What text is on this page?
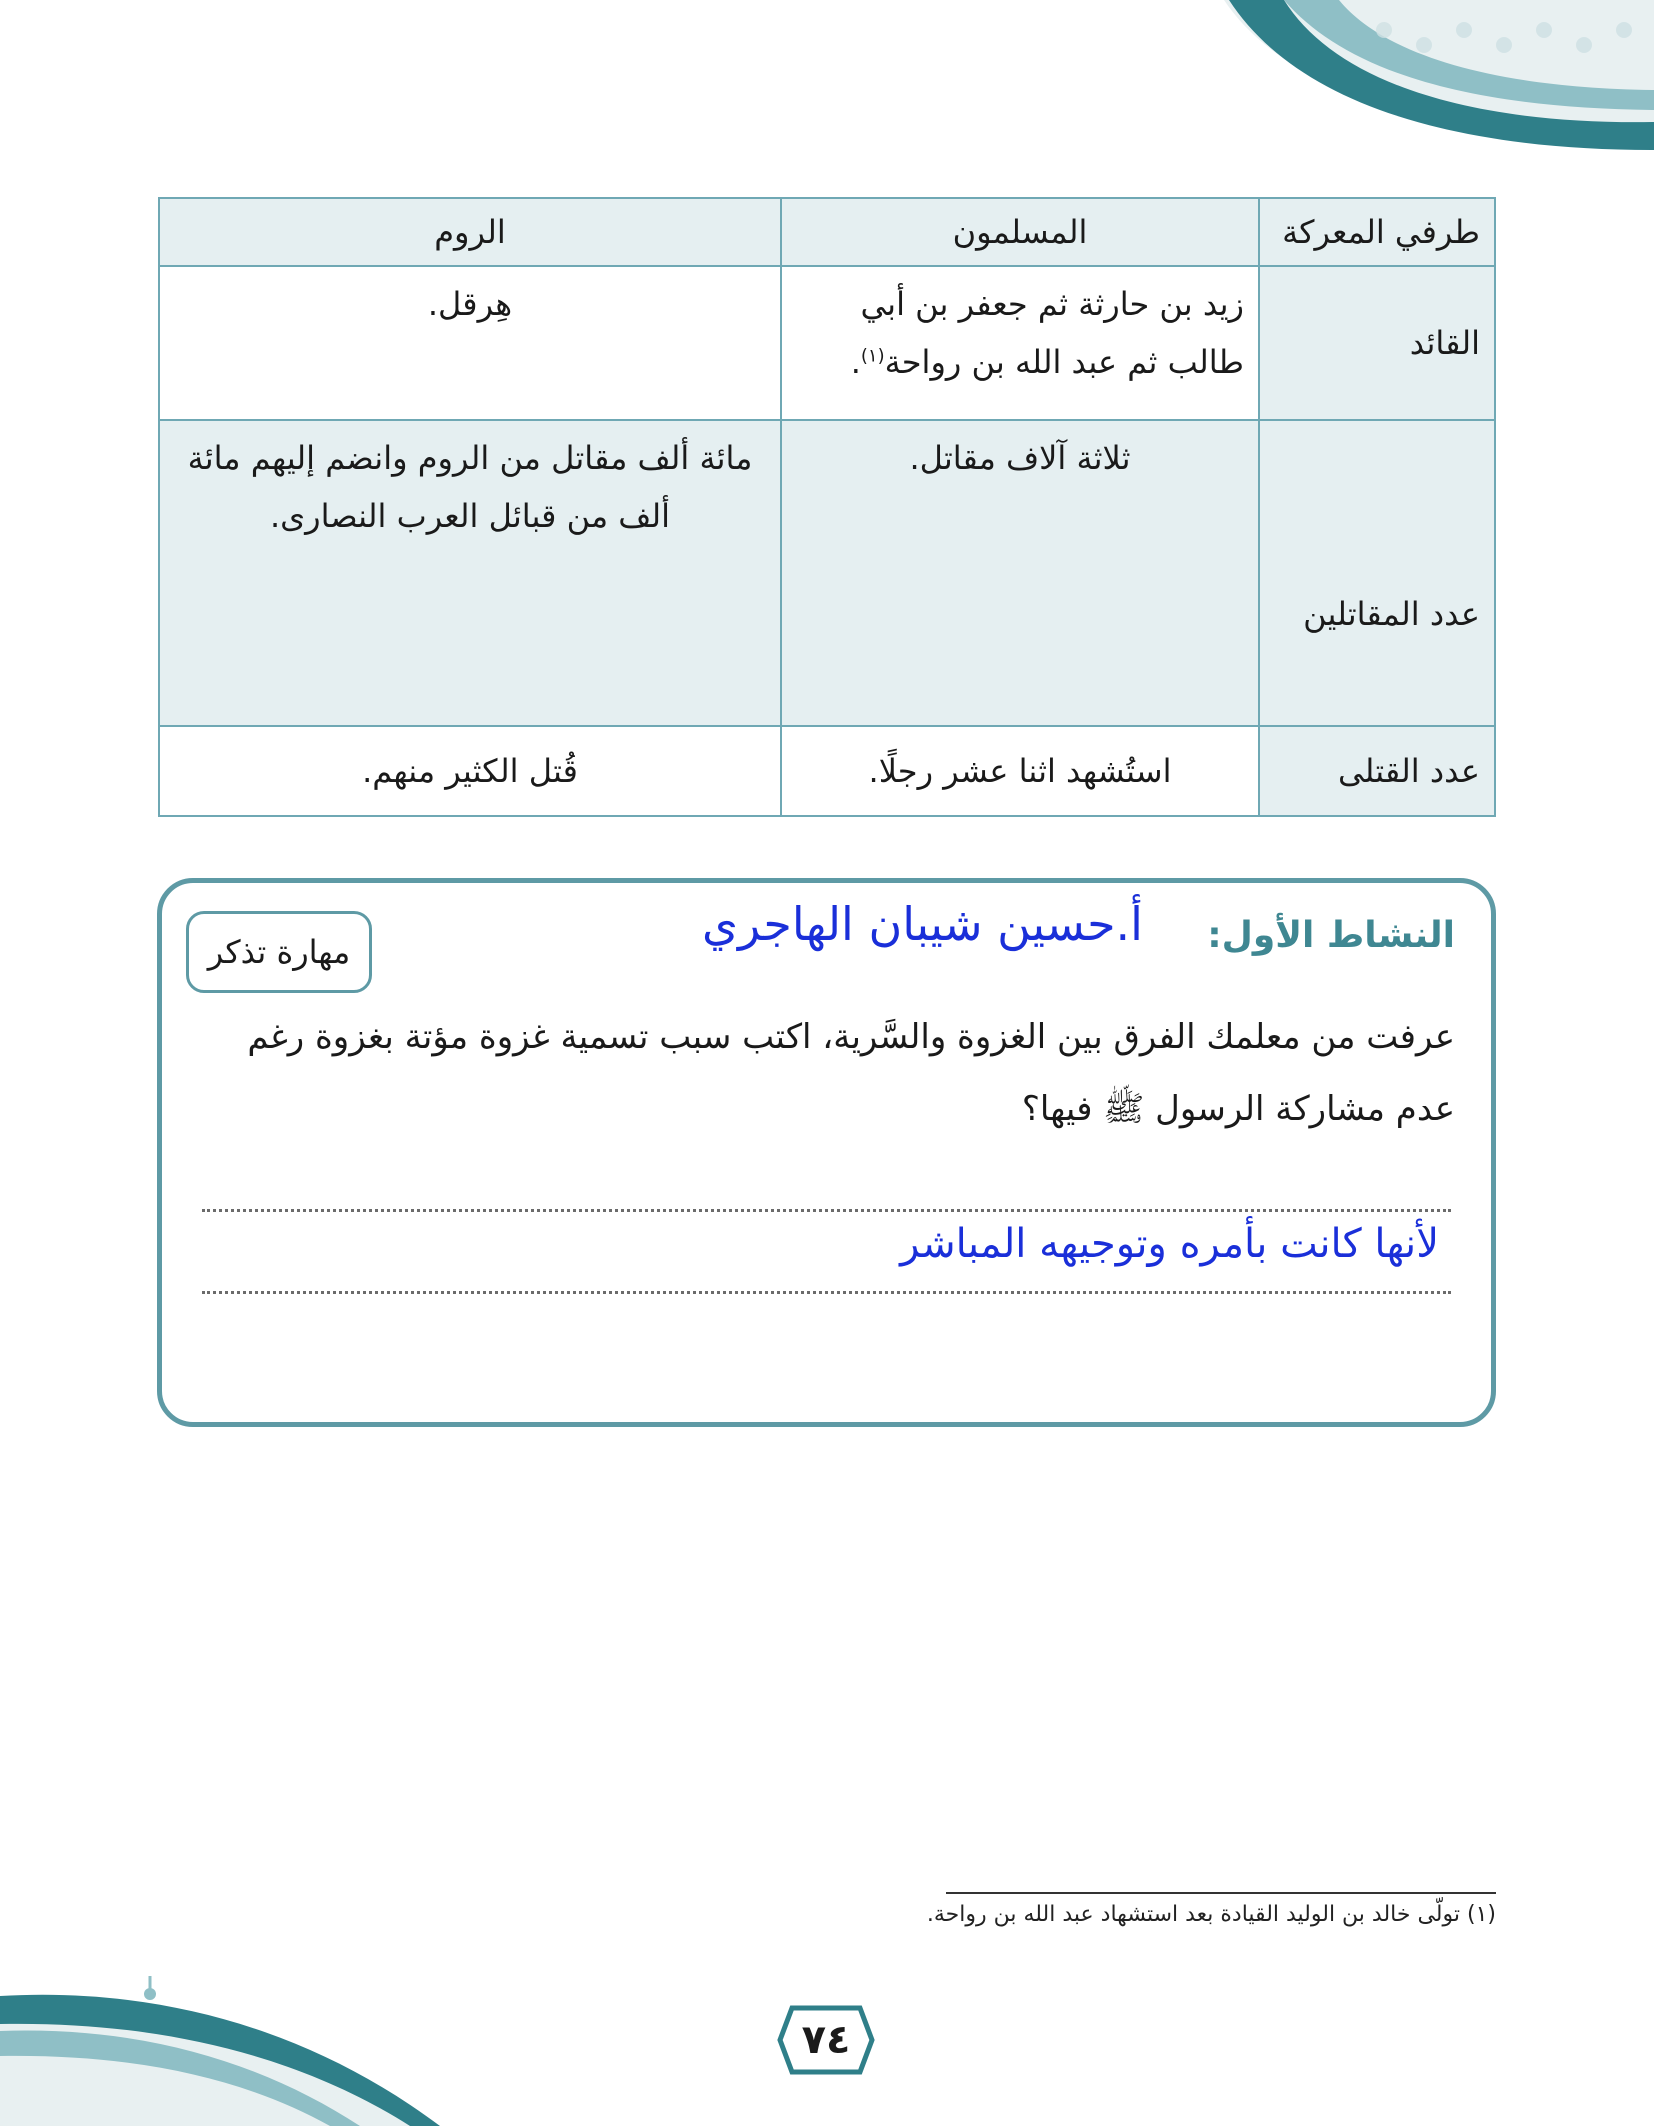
طرفي المعركة	المسلمون	الروم
القائد	زيد بن حارثة ثم جعفر بن أبي طالب ثم عبد الله بن رواحة$^{(١)}$.	هِرقل.
عدد المقاتلين	ثلاثة آلاف مقاتل.	مائة ألف مقاتل من الروم وانضم إليهم مائة ألف من قبائل العرب النصارى.
عدد القتلى	استُشهد اثنا عشر رجلًا.	قُتل الكثير منهم.
النشاط الأول:
أ.حسين شيبان الهاجري
مهارة تذكر
عرفت من معلمك الفرق بين الغزوة والسَّرية، اكتب سبب تسمية غزوة مؤتة بغزوة رغم عدم مشاركة الرسول ﷺ فيها؟
لأنها كانت بأمره وتوجيهه المباشر
(١) تولّى خالد بن الوليد القيادة بعد استشهاد عبد الله بن رواحة.
٧٤
